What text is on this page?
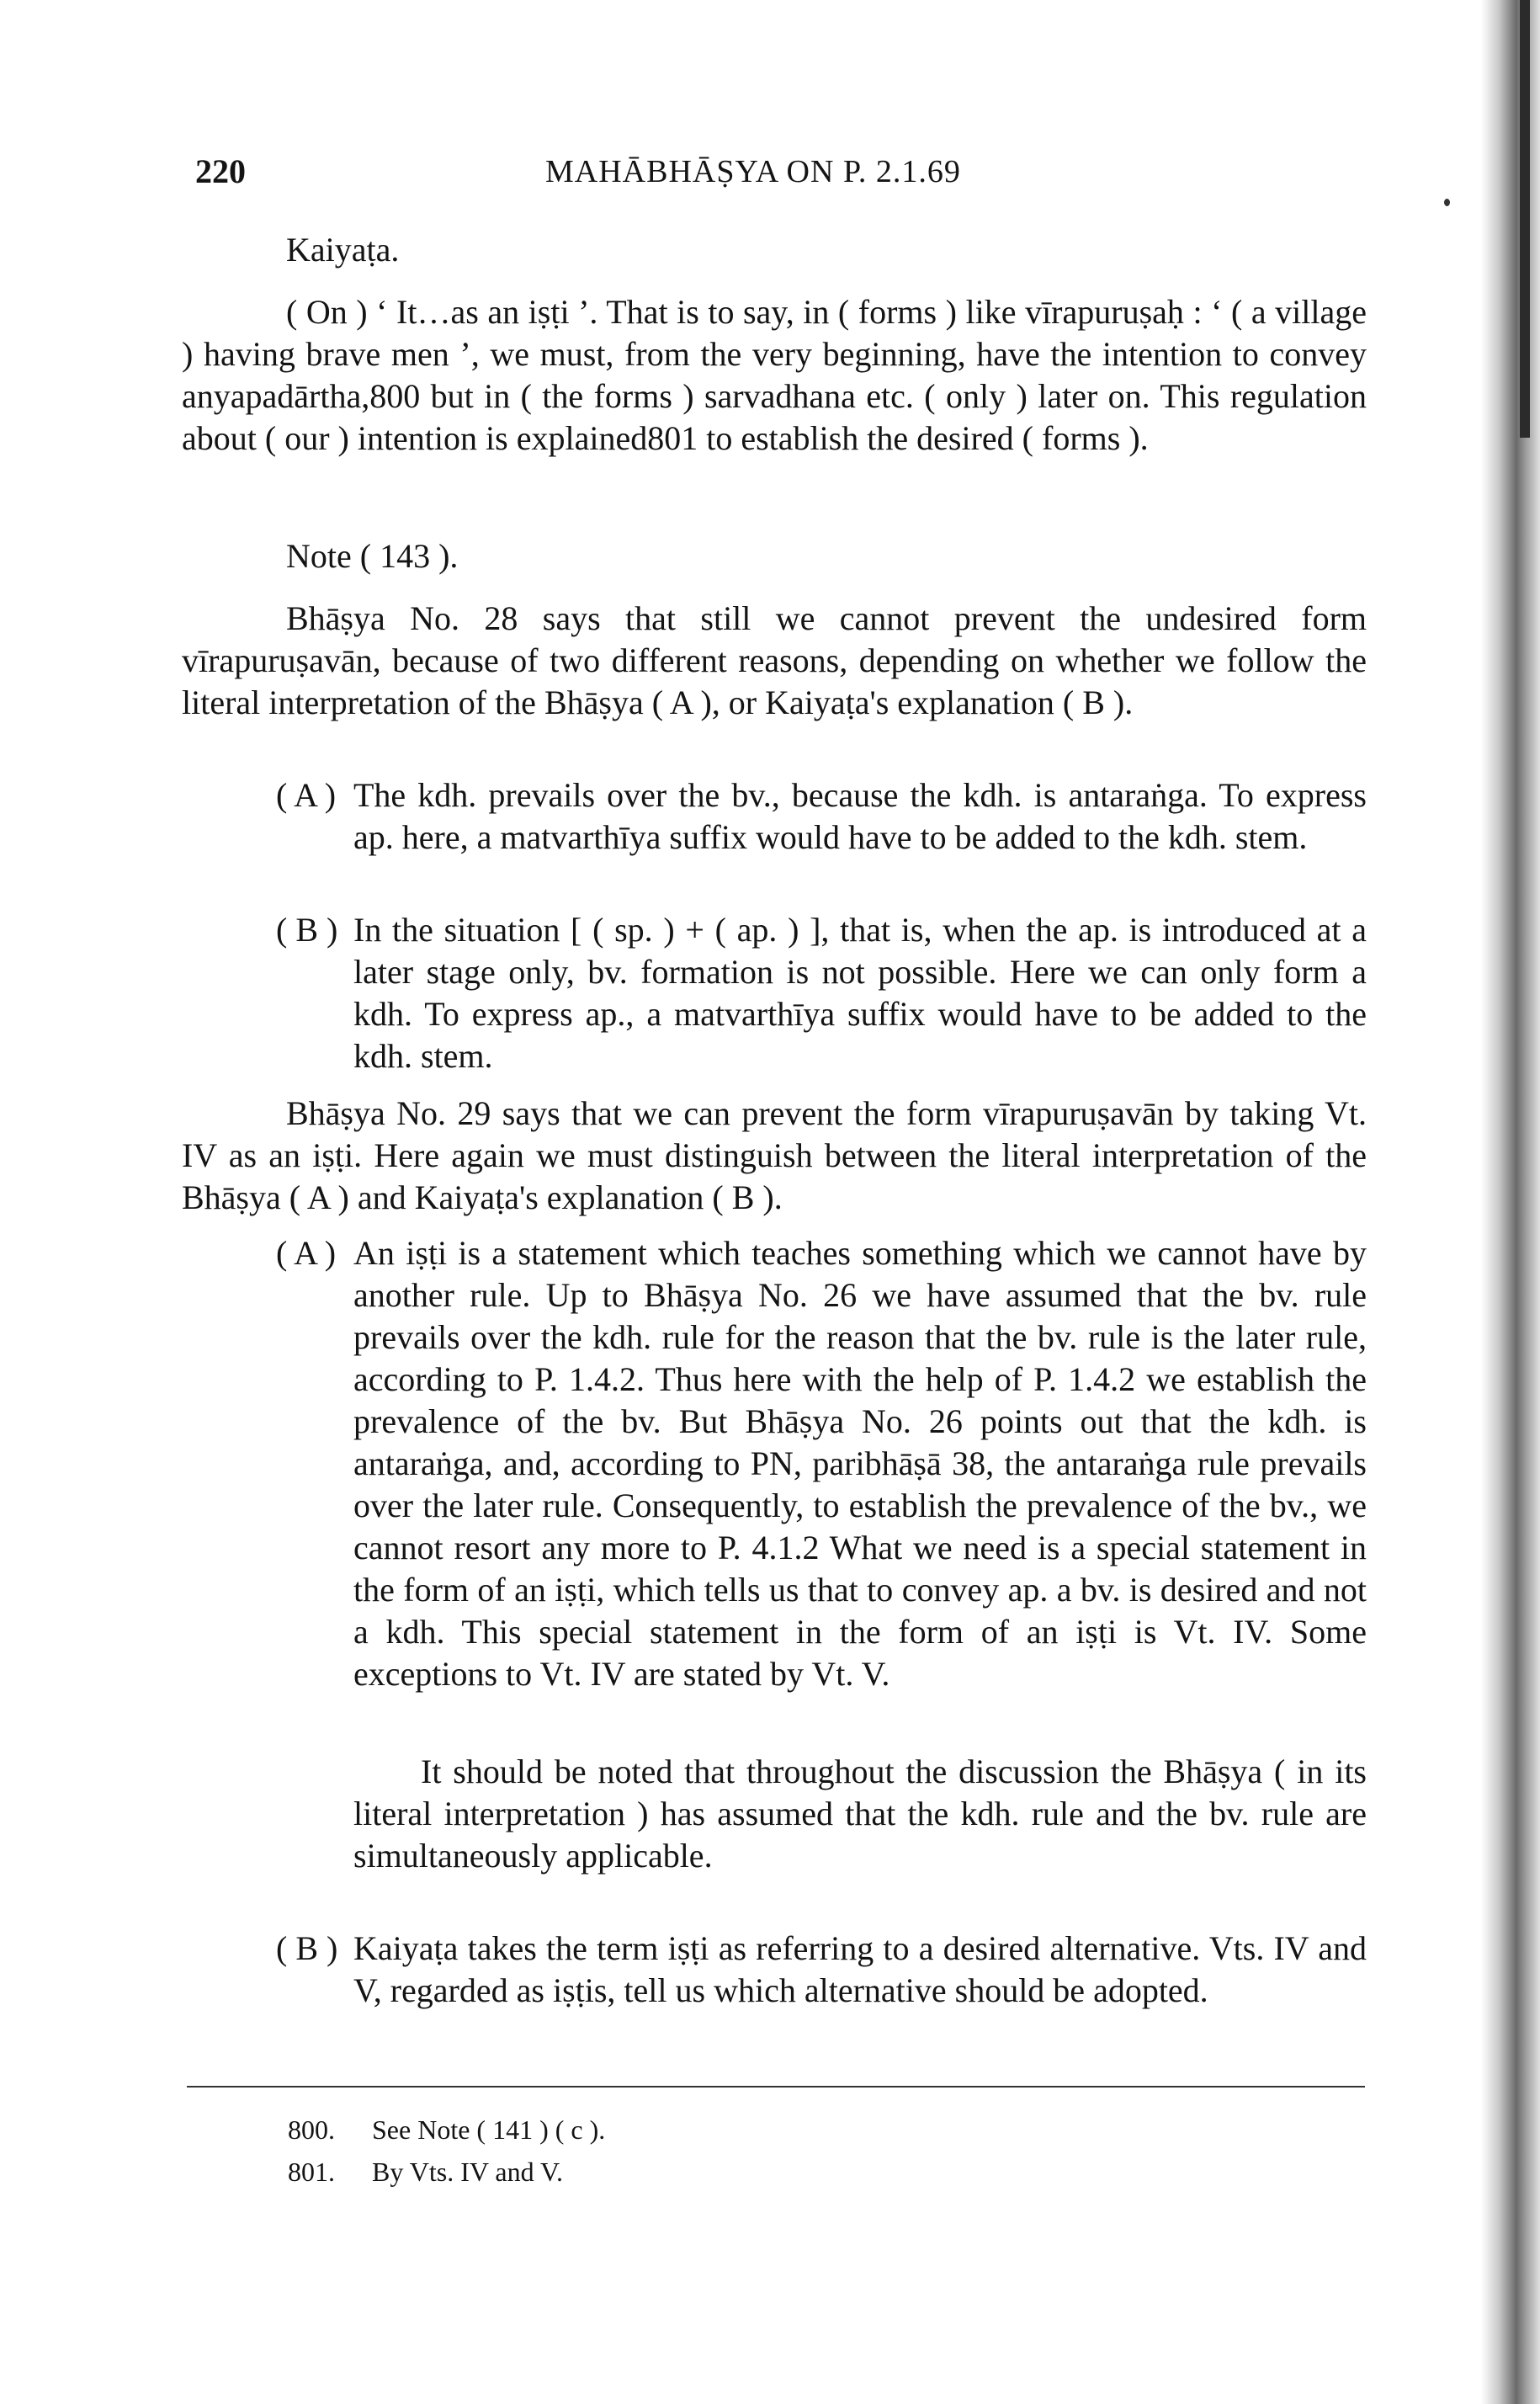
220	MAHĀBHĀṢYA ON P. 2.1.69
Kaiyaṭa.
( On ) ‘ It…as an iṣṭi ’. That is to say, in ( forms ) like vīrapuruṣaḥ : ‘ ( a village ) having brave men ’, we must, from the very beginning, have the intention to convey anyapadārtha,800 but in ( the forms ) sarvadhana etc. ( only ) later on. This regulation about ( our ) intention is explained801 to establish the desired ( forms ).
Note ( 143 ).
Bhāṣya No. 28 says that still we cannot prevent the undesired form vīrapuruṣavān, because of two different reasons, depending on whether we follow the literal interpretation of the Bhāṣya ( A ), or Kaiyaṭa's explanation ( B ).
( A ) The kdh. prevails over the bv., because the kdh. is antaraṅga. To express ap. here, a matvarthīya suffix would have to be added to the kdh. stem.
( B ) In the situation [ ( sp. ) + ( ap. ) ], that is, when the ap. is introduced at a later stage only, bv. formation is not possible. Here we can only form a kdh. To express ap., a matvarthīya suffix would have to be added to the kdh. stem.
Bhāṣya No. 29 says that we can prevent the form vīrapuruṣavān by taking Vt. IV as an iṣṭi. Here again we must distinguish between the literal interpretation of the Bhāṣya ( A ) and Kaiyaṭa's explanation ( B ).
( A ) An iṣṭi is a statement which teaches something which we cannot have by another rule. Up to Bhāṣya No. 26 we have assumed that the bv. rule prevails over the kdh. rule for the reason that the bv. rule is the later rule, according to P. 1.4.2. Thus here with the help of P. 1.4.2 we establish the prevalence of the bv. But Bhāṣya No. 26 points out that the kdh. is antaraṅga, and, according to PN, paribhāṣā 38, the antaraṅga rule prevails over the later rule. Consequently, to establish the prevalence of the bv., we cannot resort any more to P. 4.1.2 What we need is a special statement in the form of an iṣṭi, which tells us that to convey ap. a bv. is desired and not a kdh. This special statement in the form of an iṣṭi is Vt. IV. Some exceptions to Vt. IV are stated by Vt. V.
It should be noted that throughout the discussion the Bhāṣya ( in its literal interpretation ) has assumed that the kdh. rule and the bv. rule are simultaneously applicable.
( B ) Kaiyaṭa takes the term iṣṭi as referring to a desired alternative. Vts. IV and V, regarded as iṣṭis, tell us which alternative should be adopted.
800. See Note ( 141 ) ( c ).
801. By Vts. IV and V.
